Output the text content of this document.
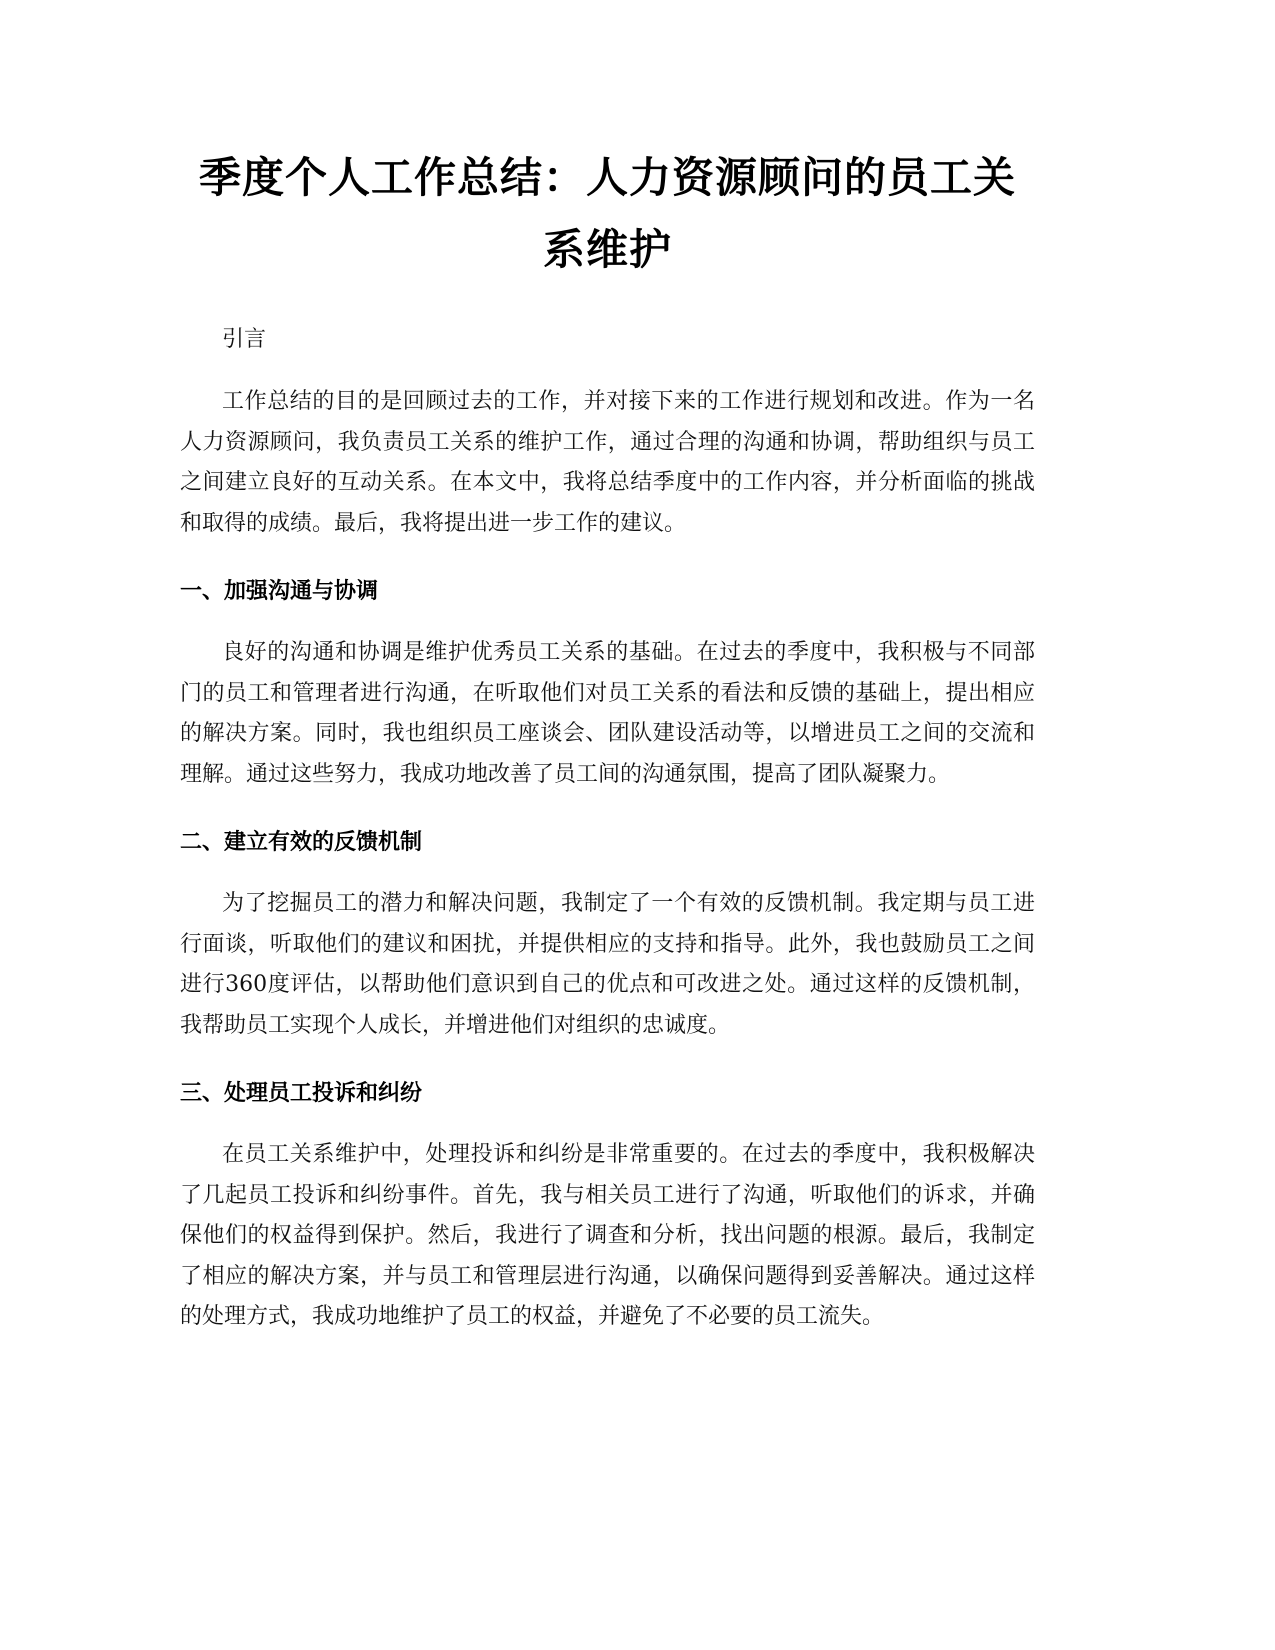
季度个人工作总结：人力资源顾问的员工关系维护

引言

工作总结的目的是回顾过去的工作，并对接下来的工作进行规划和改进。作为一名人力资源顾问，我负责员工关系的维护工作，通过合理的沟通和协调，帮助组织与员工之间建立良好的互动关系。在本文中，我将总结季度中的工作内容，并分析面临的挑战和取得的成绩。最后，我将提出进一步工作的建议。

一、加强沟通与协调

良好的沟通和协调是维护优秀员工关系的基础。在过去的季度中，我积极与不同部门的员工和管理者进行沟通，在听取他们对员工关系的看法和反馈的基础上，提出相应的解决方案。同时，我也组织员工座谈会、团队建设活动等，以增进员工之间的交流和理解。通过这些努力，我成功地改善了员工间的沟通氛围，提高了团队凝聚力。

二、建立有效的反馈机制

为了挖掘员工的潜力和解决问题，我制定了一个有效的反馈机制。我定期与员工进行面谈，听取他们的建议和困扰，并提供相应的支持和指导。此外，我也鼓励员工之间进行360度评估，以帮助他们意识到自己的优点和可改进之处。通过这样的反馈机制，我帮助员工实现个人成长，并增进他们对组织的忠诚度。

三、处理员工投诉和纠纷

在员工关系维护中，处理投诉和纠纷是非常重要的。在过去的季度中，我积极解决了几起员工投诉和纠纷事件。首先，我与相关员工进行了沟通，听取他们的诉求，并确保他们的权益得到保护。然后，我进行了调查和分析，找出问题的根源。最后，我制定了相应的解决方案，并与员工和管理层进行沟通，以确保问题得到妥善解决。通过这样的处理方式，我成功地维护了员工的权益，并避免了不必要的员工流失。
